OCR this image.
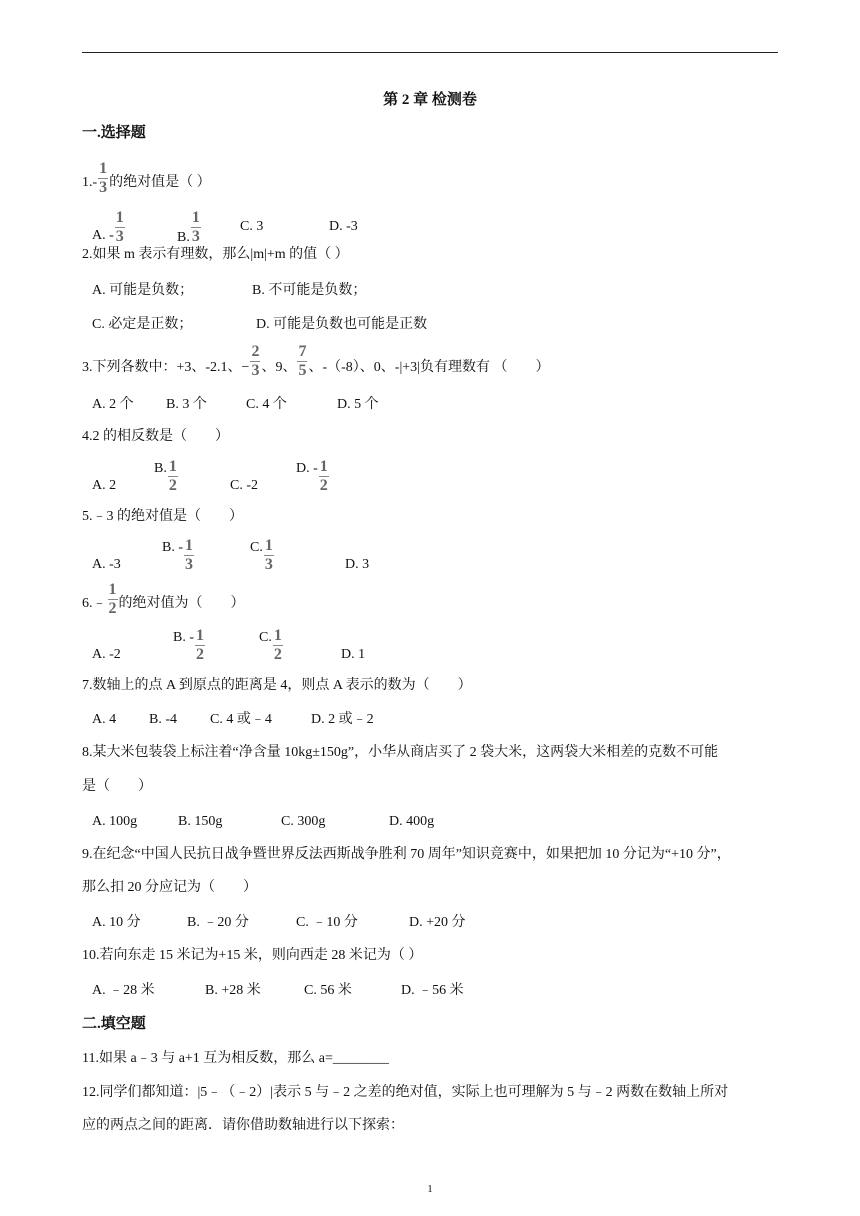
第 2 章 检测卷
一.选择题
$1.- \frac{1}{3}$ 的绝对值是（ ）
A. - $\frac{1}{3}$	B. $\frac{1}{3}$	C. 3	D. -3
2.如果 m 表示有理数，那么|m|+m 的值（ ）
A. 可能是负数；	B. 不可能是负数；
C. 必定是正数；	D. 可能是负数也可能是正数
3.下列各数中：+3、-2.1、− $\frac{2}{3}$ 、9、 $\frac{7}{5}$ 、-（-8）、0、-|+3|负有理数有 （　　）
A. 2 个 B. 3 个	C. 4 个	D. 5 个
4.2 的相反数是（　　）
A. 2
B. $\frac{1}{2}$	C. -2
D. - $\frac{1}{2}$
5.﹣3 的绝对值是（　　）
A. -3
B. - $\frac{1}{3}$	C. $\frac{1}{3}$	D. 3
6.﹣ $\frac{1}{2}$ 的绝对值为（　　）
A. -2
B. - $\frac{1}{2}$	C. $\frac{1}{2}$	D. 1
7.数轴上的点 A 到原点的距离是 4，则点 A 表示的数为（　　）
A. 4 B. -4 C. 4 或﹣4	D. 2 或﹣2
8.某大米包装袋上标注着“净含量 10kg±150g”，小华从商店买了 2 袋大米，这两袋大米相差的克数不可能
是（　　）
A. 100g	B. 150g	C. 300g	D. 400g
9.在纪念“中国人民抗日战争暨世界反法西斯战争胜利 70 周年”知识竞赛中，如果把加 10 分记为“+10 分”，
那么扣 20 分应记为（　　）
A. 10 分	B. ﹣20 分	C. ﹣10 分	D. +20 分
10.若向东走 15 米记为+15 米，则向西走 28 米记为（ ）
A. ﹣28 米	B. +28 米	C. 56 米	D. ﹣56 米
二.填空题
11.如果 a﹣3 与 a+1 互为相反数，那么 a=________
12.同学们都知道：|5﹣（﹣2）|表示 5 与﹣2 之差的绝对值，实际上也可理解为 5 与﹣2 两数在数轴上所对
应的两点之间的距离．请你借助数轴进行以下探索：
1
